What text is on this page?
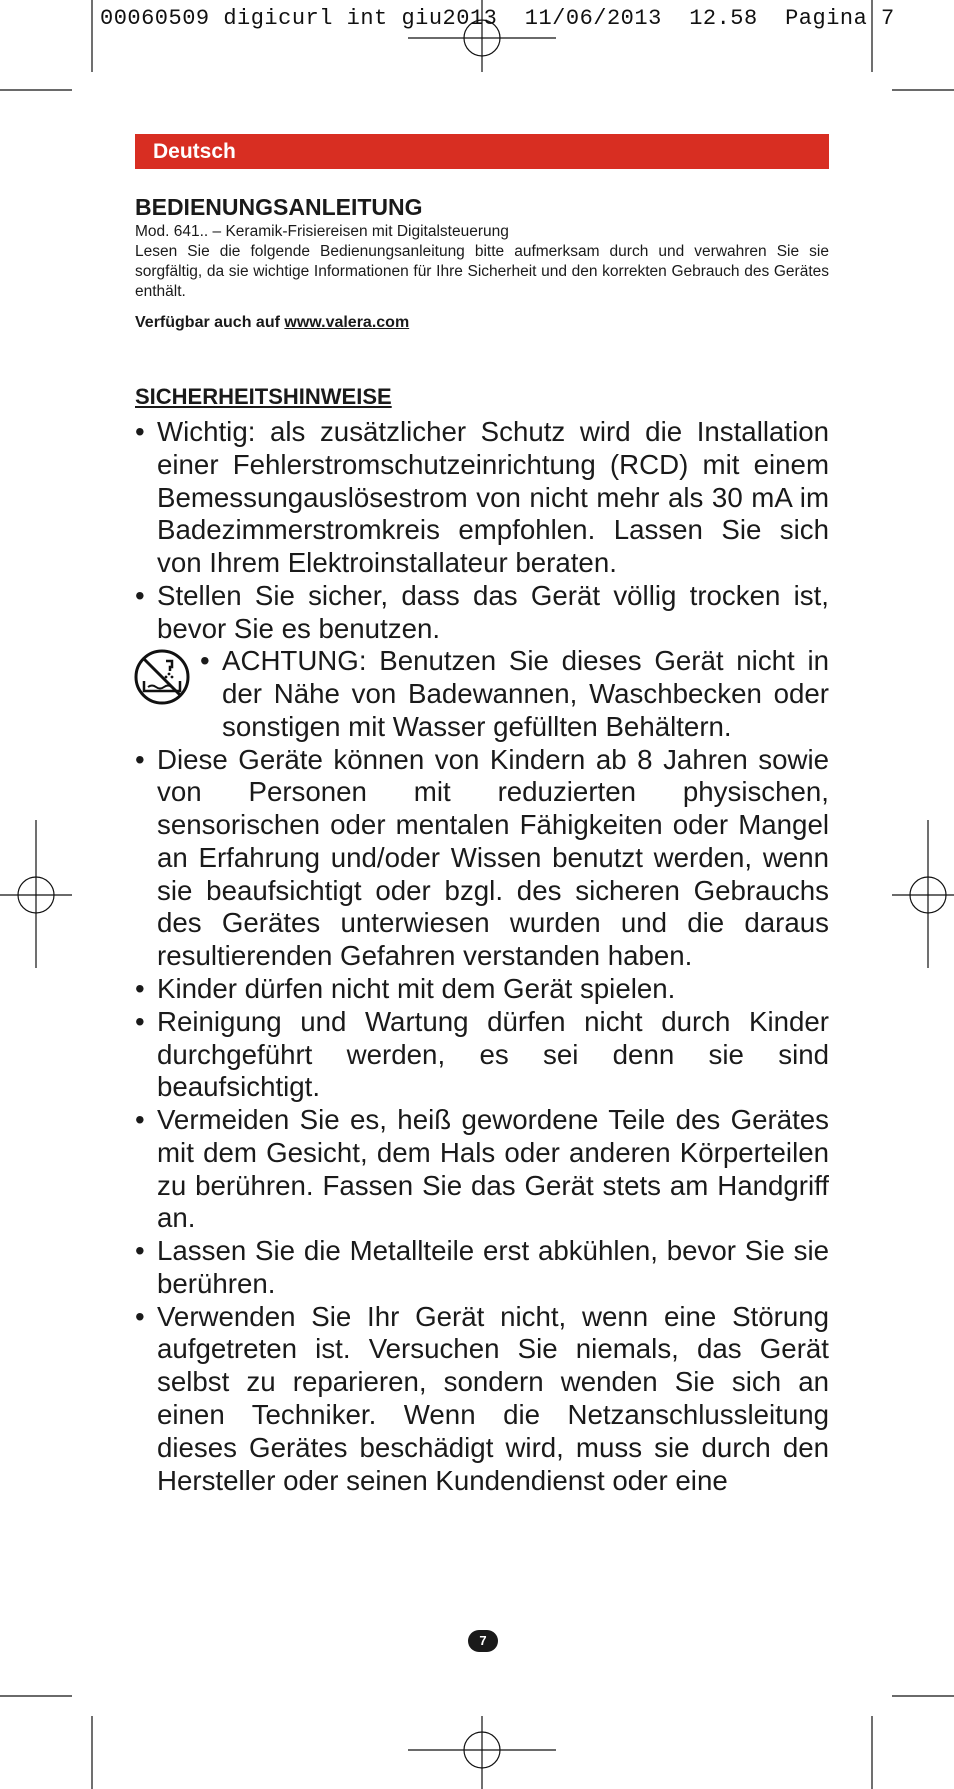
00060509 digicurl int giu2013  11/06/2013  12.58  Pagina 7
Deutsch
BEDIENUNGSANLEITUNG
Mod. 641.. – Keramik-Frisiereisen mit Digitalsteuerung
Lesen Sie die folgende Bedienungsanleitung bitte aufmerksam durch und verwahren Sie sie sorgfältig, da sie wichtige Informationen für Ihre Sicherheit und den korrekten Gebrauch des Gerätes enthält.
Verfügbar auch auf www.valera.com
SICHERHEITSHINWEISE
• Wichtig: als zusätzlicher Schutz wird die Installation einer Fehlerstromschutzeinrichtung (RCD) mit einem Bemessungauslösestrom von nicht mehr als 30 mA im Badezimmerstromkreis empfohlen. Lassen Sie sich von Ihrem Elektroinstallateur beraten.
• Stellen Sie sicher, dass das Gerät völlig trocken ist, bevor Sie es benutzen.
• ACHTUNG: Benutzen Sie dieses Gerät nicht in der Nähe von Badewannen, Waschbecken oder sonstigen mit Wasser gefüllten Behältern.
• Diese Geräte können von Kindern ab 8 Jahren sowie von Personen mit reduzierten physischen, sensorischen oder mentalen Fähigkeiten oder Mangel an Erfahrung und/oder Wissen benutzt werden, wenn sie beaufsichtigt oder bzgl. des sicheren Gebrauchs des Gerätes unterwiesen wurden und die daraus resultierenden Gefahren verstanden haben.
• Kinder dürfen nicht mit dem Gerät spielen.
• Reinigung und Wartung dürfen nicht durch Kinder durchgeführt werden, es sei denn sie sind beaufsichtigt.
• Vermeiden Sie es, heiß gewordene Teile des Gerätes mit dem Gesicht, dem Hals oder anderen Körperteilen zu berühren. Fassen Sie das Gerät stets am Handgriff an.
• Lassen Sie die Metallteile erst abkühlen, bevor Sie sie berühren.
• Verwenden Sie Ihr Gerät nicht, wenn eine Störung aufgetreten ist. Versuchen Sie niemals, das Gerät selbst zu reparieren, sondern wenden Sie sich an einen Techniker. Wenn die Netzanschlussleitung dieses Gerätes beschädigt wird, muss sie durch den Hersteller oder seinen Kundendienst oder eine
7
